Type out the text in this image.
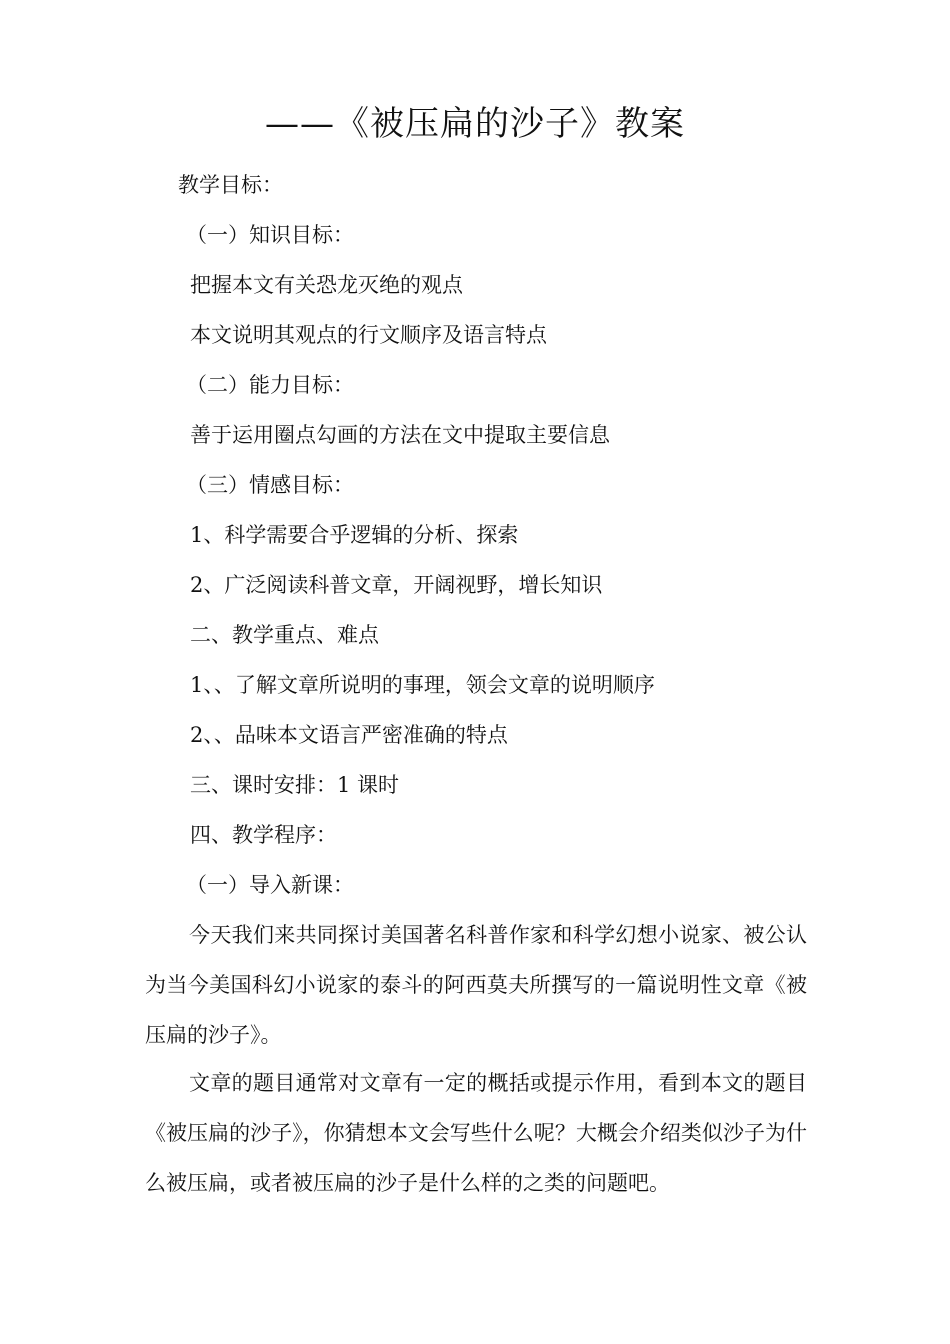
——《被压扁的沙子》教案
教学目标：
（一）知识目标：
把握本文有关恐龙灭绝的观点
本文说明其观点的行文顺序及语言特点
（二）能力目标：
善于运用圈点勾画的方法在文中提取主要信息
（三）情感目标：
1、科学需要合乎逻辑的分析、探索
2、广泛阅读科普文章，开阔视野，增长知识
二、教学重点、难点
1、、了解文章所说明的事理，领会文章的说明顺序
2、、品味本文语言严密准确的特点
三、课时安排：1 课时
四、教学程序：
（一）导入新课：

今天我们来共同探讨美国著名科普作家和科学幻想小说家、被公认为当今美国科幻小说家的泰斗的阿西莫夫所撰写的一篇说明性文章《被压扁的沙子》。

文章的题目通常对文章有一定的概括或提示作用，看到本文的题目《被压扁的沙子》，你猜想本文会写些什么呢？大概会介绍类似沙子为什么被压扁，或者被压扁的沙子是什么样的之类的问题吧。
